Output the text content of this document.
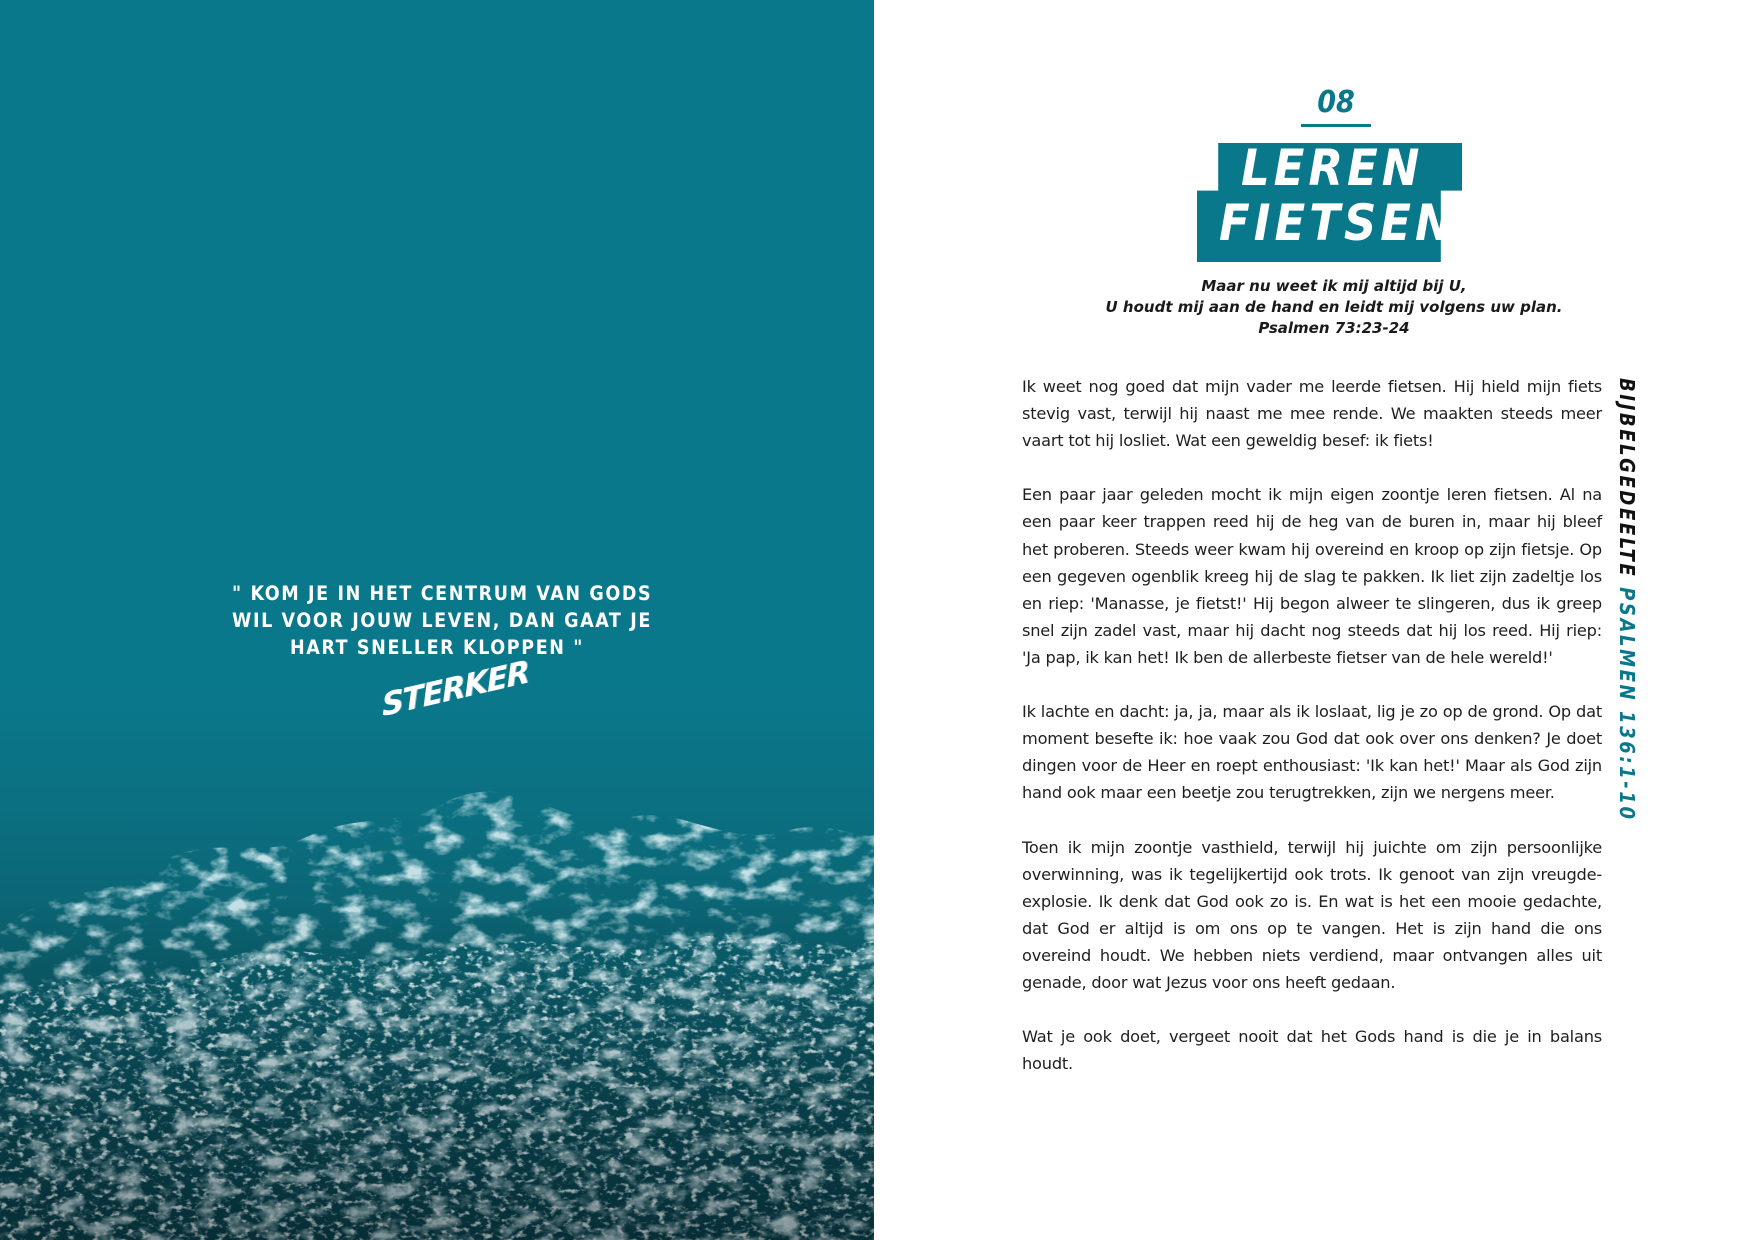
" KOM JE IN HET CENTRUM VAN GODS
WIL VOOR JOUW LEVEN, DAN GAAT JE
HART SNELLER KLOPPEN "
STERKER
08
LEREN
FIETSEN
Maar nu weet ik mij altijd bij U,
U houdt mij aan de hand en leidt mij volgens uw plan.
Psalmen 73:23-24

Ik weet nog goed dat mijn vader me leerde fietsen. Hij hield mijn fiets stevig vast, terwijl hij naast me mee rende. We maakten steeds meer vaart tot hij losliet. Wat een geweldig besef: ik fiets!

Een paar jaar geleden mocht ik mijn eigen zoontje leren fietsen. Al na een paar keer trappen reed hij de heg van de buren in, maar hij bleef het proberen. Steeds weer kwam hij overeind en kroop op zijn fietsje. Op een gegeven ogenblik kreeg hij de slag te pakken. Ik liet zijn zadeltje los en riep: 'Manasse, je fietst!' Hij begon alweer te slingeren, dus ik greep snel zijn zadel vast, maar hij dacht nog steeds dat hij los reed. Hij riep: 'Ja pap, ik kan het! Ik ben de allerbeste fietser van de hele wereld!'

Ik lachte en dacht: ja, ja, maar als ik loslaat, lig je zo op de grond. Op dat moment besefte ik: hoe vaak zou God dat ook over ons denken? Je doet dingen voor de Heer en roept enthousiast: 'Ik kan het!' Maar als God zijn hand ook maar een beetje zou terugtrekken, zijn we nergens meer.

Toen ik mijn zoontje vasthield, terwijl hij juichte om zijn persoonlijke overwinning, was ik tegelijkertijd ook trots. Ik genoot van zijn vreugde-explosie. Ik denk dat God ook zo is. En wat is het een mooie gedachte, dat God er altijd is om ons op te vangen. Het is zijn hand die ons overeind houdt. We hebben niets verdiend, maar ontvangen alles uit genade, door wat Jezus voor ons heeft gedaan.

Wat je ook doet, vergeet nooit dat het Gods hand is die je in balans houdt.

BIJBELGEDEELTE PSALMEN 136:1-10
